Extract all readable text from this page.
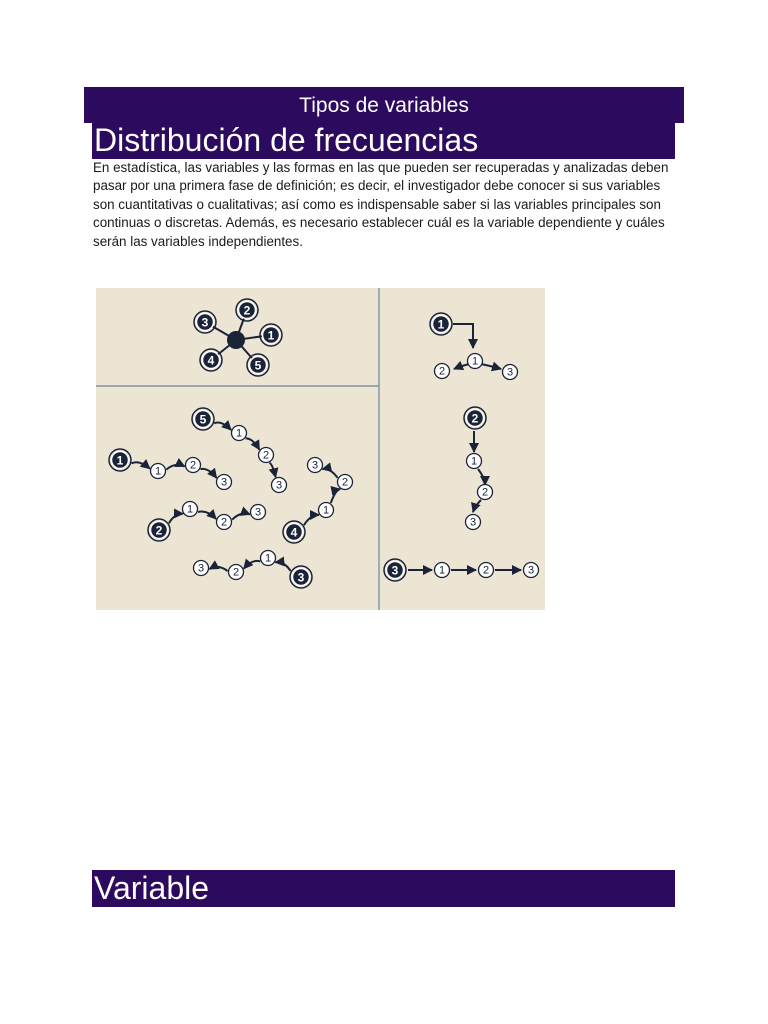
Tipos de variables
Distribución de frecuencias
En estadística, las variables y las formas en las que pueden ser recuperadas y analizadas deben pasar por una primera fase de definición; es decir, el investigador debe conocer si sus variables son cuantitativas o cualitativas; así como es indispensable saber si las variables principales son continuas o discretas. Además, es necesario establecer cuál es la variable dependiente y cuáles serán las variables independientes.
3
2
1
4	5
1
1	2
3
5
1
2
3
2
1
2
3
4
1
2
3
3
1
2
3
1
1
2	3
2
1
2
3
3	1	2	3
Variable
